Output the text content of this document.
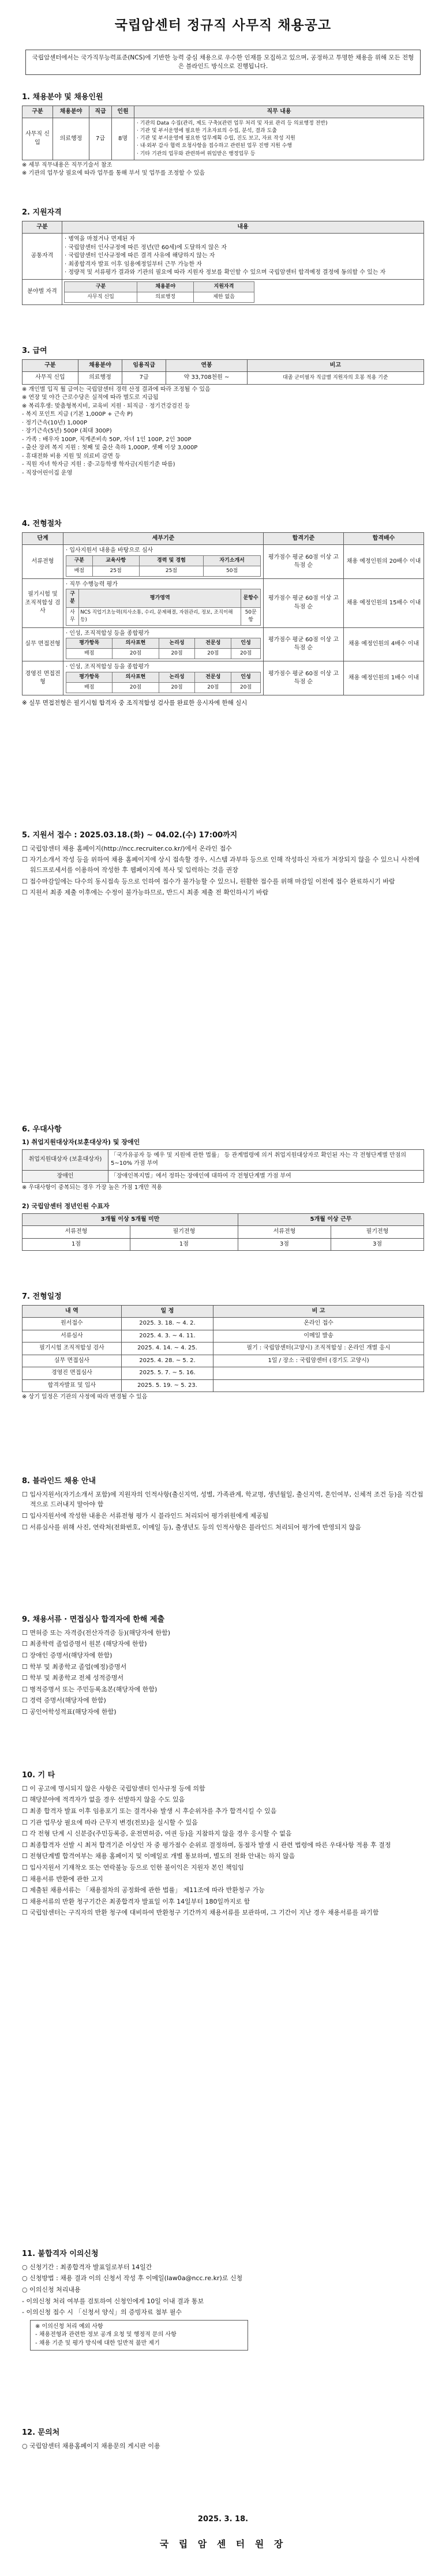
국립암센터 정규직 사무직 채용공고
국립암센터에서는 국가직무능력표준(NCS)에 기반한 능력 중심 채용으로 우수한 인재를 모집하고 있으며, 공정하고 투명한 채용을 위해 모든 전형은 블라인드 방식으로 진행됩니다.
1. 채용분야 및 채용인원
구분	채용분야	직급	인원	직무 내용
사무직 신입	의료행정	7급	8명	· 기관의 Data 수집(관리, 제도 구축)(관련 업무 처리 및 자료 관리 등 의료행정 전반)
· 기관 및 부서운영에 필요한 기초자료의 수집, 분석, 결과 도출
· 기관 및 부서운영에 필요한 업무계획 수립, 진도 보고, 자료 작성 지원
· 내·외부 감사 협력 요청사항을 접수하고 관련된 업무 진행 지원 수행
· 기타 기관의 업무와 관련하여 위임받은 행정업무 등
※ 세부 직무내용은 직무기술서 참조
※ 기관의 업무상 필요에 따라 업무를 통해 부서 및 업무를 조정할 수 있음
2. 지원자격
구분	내용
공통자격	
· 병역을 마쳤거나 면제된 자
· 국립암센터 인사규정에 따른 정년(만 60세)에 도달하지 않은 자
· 국립암센터 인사규정에 따른 결격 사유에 해당하지 않는 자
· 최종합격자 발표 이후 임용예정일부터 근무 가능한 자
· 정량적 및 서류평가 결과와 기관의 필요에 따라 지원자 정보를 확인할 수 있으며 국립암센터 합격예정 결정에 동의할 수 있는 자

분야별 자격	
구분	채용분야	지원자격
사무직 신입	의료행정	제한 없음
3. 급여
구분	채용분야	임용직급	연봉	비고
사무직 신입	의료행정	7급	약 33,708천원 ~	대졸 군미필자 직급별 지원자의 호봉 적용 기준
※ 개인별 입직 월 급여는 국립암센터 경력 산정 결과에 따라 조정될 수 있음
※ 연장 및 야간 근로수당은 실적에 따라 별도로 지급됨
※ 복리후생: 맞춤형복지비, 교육비 지원 · 퇴직금 · 정기건강검진 등
- 복지 포인트 지급 (기본 1,000P + 근속 P)
· 정기근속(10년) 1,000P
· 장기근속(5년) 500P (최대 300P)
- 가족 : 배우자 100P, 직계존비속 50P, 자녀 1인 100P, 2인 300P
- 출산 장려 복지 지원 : 첫째 및 출산 축하 1,000P, 셋째 이상 3,000P
- 휴대전화 비용 지원 및 의료비 감면 등
- 직원 자녀 학자금 지원 : 중·고등학생 학자금(지원기준 따름)
- 직장어린이집 운영
4. 전형절차
단계	세부기준	합격기준	합격배수
서류전형	
· 입사지원서 내용을 바탕으로 심사
구분	교육사항	경력 및 경험	자기소개서
배점	25점	25점	50점
	평가점수 평균 60점 이상 고득점 순	채용 예정인원의 20배수 이내
필기시험 및 조직적합성 검사	
· 직무 수행능력 평가
구분	평가영역	문항수
사무	NCS 직업기초능력(의사소통, 수리, 문제해결, 자원관리, 정보, 조직이해 등)	50문항
	평가점수 평균 60점 이상 고득점 순	채용 예정인원의 15배수 이내
실무 면접전형	
· 인성, 조직적합성 등을 종합평가
평가항목	의사표현	논리성	전문성	인성
배점	20점	20점	20점	20점
	평가점수 평균 60점 이상 고득점 순	채용 예정인원의 4배수 이내
경영진 면접전형	
· 인성, 조직적합성 등을 종합평가
평가항목	의사표현	논리성	전문성	인성
배점	20점	20점	20점	20점
	평가점수 평균 60점 이상 고득점 순	채용 예정인원의 1배수 이내
※ 실무 면접전형은 필기시험 합격자 중 조직적합성 검사를 완료한 응시자에 한해 실시
5. 지원서 접수 : 2025.03.18.(화) ~ 04.02.(수) 17:00까지
☐ 국립암센터 채용 홈페이지(http://ncc.recruiter.co.kr/)에서 온라인 접수
☐ 자기소개서 작성 등을 위하여 채용 홈페이지에 상시 접속할 경우, 시스템 과부하 등으로 인해 작성하신 자료가 저장되지 않을 수 있으니 사전에 워드프로세서를 이용하여 작성한 후 웹페이지에 복사 및 입력하는 것을 권장
☐ 접수마감일에는 다수의 동시접속 등으로 인하여 접수가 불가능할 수 있으니, 원활한 접수를 위해 마감일 이전에 접수 완료하시기 바람
☐ 지원서 최종 제출 이후에는 수정이 불가능하므로, 반드시 최종 제출 전 확인하시기 바람
6. 우대사항
1) 취업지원대상자(보훈대상자) 및 장애인
취업지원대상자 (보훈대상자)	「국가유공자 등 예우 및 지원에 관한 법률」 등 관계법령에 의거 취업지원대상자로 확인된 자는 각 전형단계별 만점의 5~10% 가점 부여
장애인	「장애인복지법」에서 정하는 장애인에 대하여 각 전형단계별 가점 부여
※ 우대사항이 중복되는 경우 가장 높은 가점 1개만 적용
2) 국립암센터 정년인원 수표자
3개월 이상 5개월 미만		5개월 이상 근무	
서류전형	필기전형	서류전형	필기전형
1점	1점	3점	3점
7. 전형일정
내 역	일 정	비 고
원서접수	2025. 3. 18. ~ 4. 2.	온라인 접수
서류심사	2025. 4. 3. ~ 4. 11.	이메일 발송
필기시험 조직적합성 검사	2025. 4. 14. ~ 4. 25.	필기 : 국립암센터(고양시) 조직적합성 : 온라인 개별 응시
실무 면접심사	2025. 4. 28. ~ 5. 2.	1일 / 장소 : 국립암센터 (경기도 고양시)
경영진 면접심사	2025. 5. 7. ~ 5. 16.	
합격자발표 및 입사	2025. 5. 19. ~ 5. 23.	
※ 상기 일정은 기관의 사정에 따라 변경될 수 있음
8. 블라인드 채용 안내
☐ 입사지원서(자기소개서 포함)에 지원자의 인적사항(출신지역, 성별, 가족관계, 학교명, 생년월일, 출신지역, 혼인여부, 신체적 조건 등)을 직간접적으로 드러내지 말아야 함
☐ 입사지원서에 작성한 내용은 서류전형 평가 시 블라인드 처리되어 평가위원에게 제공됨
☐ 서류심사를 위해 사진, 연락처(전화번호, 이메일 등), 출생년도 등의 인적사항은 블라인드 처리되어 평가에 반영되지 않음
9. 채용서류 · 면접심사 합격자에 한해 제출
☐ 면허증 또는 자격증(전산자격증 등)(해당자에 한함)
☐ 최종학력 졸업증명서 원본 (해당자에 한함)
☐ 장애인 증명서(해당자에 한함)
☐ 학부 및 최종학교 졸업(예정)증명서
☐ 학부 및 최종학교 전체 성적증명서
☐ 병적증명서 또는 주민등록초본(해당자에 한함)
☐ 경력 증명서(해당자에 한함)
☐ 공인어학성적표(해당자에 한함)
10. 기 타
☐ 이 공고에 명시되지 않은 사항은 국립암센터 인사규정 등에 의함
☐ 해당분야에 적격자가 없을 경우 선발하지 않을 수도 있음
☐ 최종 합격자 발표 이후 임용포기 또는 결격사유 발생 시 후순위자를 추가 합격시킬 수 있음
☐ 기관 업무상 필요에 따라 근무지 변경(전보)을 실시할 수 있음
☐ 각 전형 단계 시 신분증(주민등록증, 운전면허증, 여권 등)을 지참하지 않을 경우 응시할 수 없음
☐ 최종합격자 선발 시 최저 합격기준 이상인 자 중 평가점수 순위로 결정하며, 동점자 발생 시 관련 법령에 따른 우대사항 적용 후 결정
☐ 전형단계별 합격여부는 채용 홈페이지 및 이메일로 개별 통보하며, 별도의 전화 안내는 하지 않음
☐ 입사지원서 기재착오 또는 연락불능 등으로 인한 불이익은 지원자 본인 책임임
☐ 채용서류 반환에 관한 고지
☐ 제출된 채용서류는 「채용절차의 공정화에 관한 법률」 제11조에 따라 반환청구 가능
☐ 채용서류의 반환 청구기간은 최종합격자 발표일 이후 14일부터 180일까지로 함
☐ 국립암센터는 구직자의 반환 청구에 대비하여 반환청구 기간까지 채용서류를 보관하며, 그 기간이 지난 경우 채용서류를 파기함
11. 불합격자 이의신청
○ 신청기간 : 최종합격자 발표일로부터 14일간
○ 신청방법 : 채용 결과 이의 신청서 작성 후 이메일(law0a@ncc.re.kr)로 신청
○ 이의신청 처리내용
- 이의신청 처리 여부를 검토하여 신청인에게 10일 이내 결과 통보
- 이의신청 접수 시 「신청서 양식」의 증빙자료 첨부 필수
※ 이의신청 처리 예외 사항
- 채용전형과 관련한 정보 공개 요청 및 행정적 문의 사항
- 채용 기준 및 평가 방식에 대한 일반적 불만 제기
12. 문의처
○ 국립암센터 채용홈페이지 채용문의 게시판 이용
2025. 3. 18.
국 립 암 센 터 원 장
